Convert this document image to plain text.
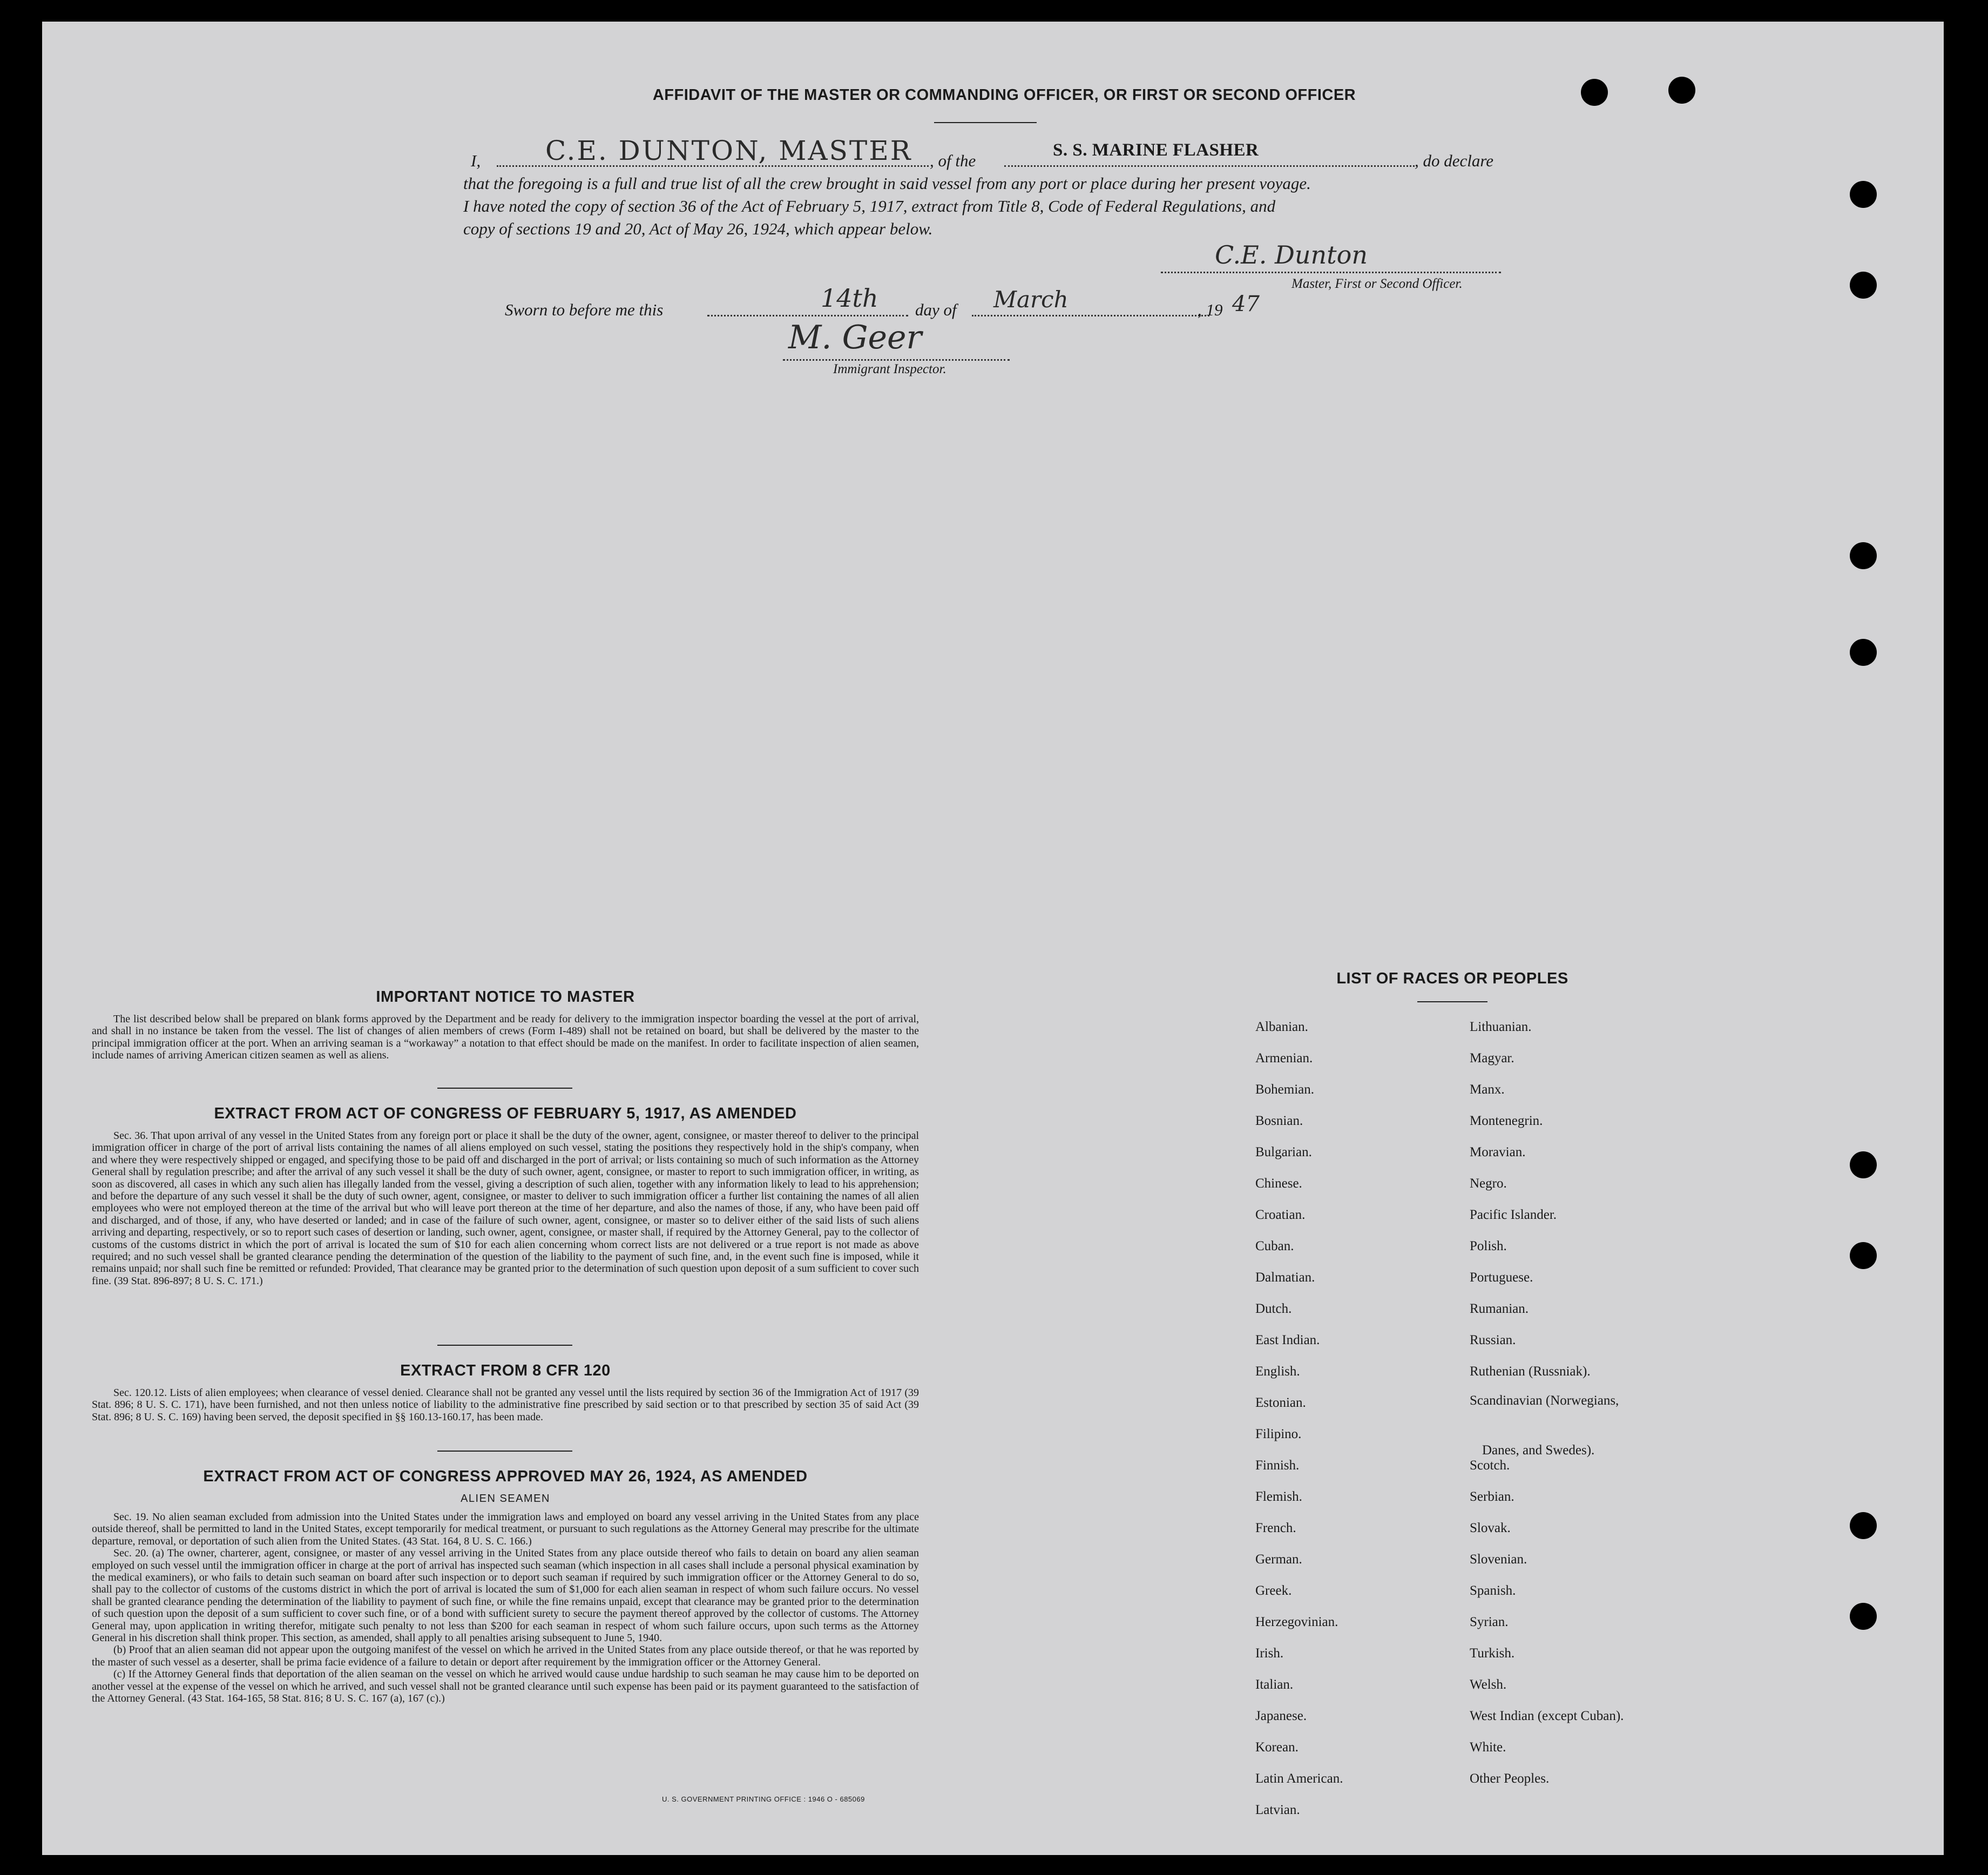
AFFIDAVIT OF THE MASTER OR COMMANDING OFFICER, OR FIRST OR SECOND OFFICER
I, C.E. DUNTON, MASTER , of the
S. S. MARINE FLASHER
, do declare
that the foregoing is a full and true list of all the crew brought in said vessel from any port or place during her present voyage.
I have noted the copy of section 36 of the Act of February 5, 1917, extract from Title 8, Code of Federal Regulations, and
copy of sections 19 and 20, Act of May 26, 1924, which appear below.
C.E. Dunton
Master, First or Second Officer.
Sworn to before me this	14th day of March	, 19 47
M. Geer
Immigrant Inspector.
IMPORTANT NOTICE TO MASTER

The list described below shall be prepared on blank forms approved by the Department and be ready for delivery to the immigration inspector boarding the vessel at the port of arrival, and shall in no instance be taken from the vessel. The list of changes of alien members of crews (Form I-489) shall not be retained on board, but shall be delivered by the master to the principal immigration officer at the port. When an arriving seaman is a “workaway” a notation to that effect should be made on the manifest. In order to facilitate inspection of alien seamen, include names of arriving American citizen seamen as well as aliens.

EXTRACT FROM ACT OF CONGRESS OF FEBRUARY 5, 1917, AS AMENDED

Sec. 36. That upon arrival of any vessel in the United States from any foreign port or place it shall be the duty of the owner, agent, consignee, or master thereof to deliver to the principal immigration officer in charge of the port of arrival lists containing the names of all aliens employed on such vessel, stating the positions they respectively hold in the ship's company, when and where they were respectively shipped or engaged, and specifying those to be paid off and discharged in the port of arrival; or lists containing so much of such information as the Attorney General shall by regulation prescribe; and after the arrival of any such vessel it shall be the duty of such owner, agent, consignee, or master to report to such immigration officer, in writing, as soon as discovered, all cases in which any such alien has illegally landed from the vessel, giving a description of such alien, together with any information likely to lead to his apprehension; and before the departure of any such vessel it shall be the duty of such owner, agent, consignee, or master to deliver to such immigration officer a further list containing the names of all alien employees who were not employed thereon at the time of the arrival but who will leave port thereon at the time of her departure, and also the names of those, if any, who have been paid off and discharged, and of those, if any, who have deserted or landed; and in case of the failure of such owner, agent, consignee, or master so to deliver either of the said lists of such aliens arriving and departing, respectively, or so to report such cases of desertion or landing, such owner, agent, consignee, or master shall, if required by the Attorney General, pay to the collector of customs of the customs district in which the port of arrival is located the sum of $10 for each alien concerning whom correct lists are not delivered or a true report is not made as above required; and no such vessel shall be granted clearance pending the determination of the question of the liability to the payment of such fine, and, in the event such fine is imposed, while it remains unpaid; nor shall such fine be remitted or refunded: Provided, That clearance may be granted prior to the determination of such question upon deposit of a sum sufficient to cover such fine. (39 Stat. 896-897; 8 U. S. C. 171.)

EXTRACT FROM 8 CFR 120

Sec. 120.12. Lists of alien employees; when clearance of vessel denied. Clearance shall not be granted any vessel until the lists required by section 36 of the Immigration Act of 1917 (39 Stat. 896; 8 U. S. C. 171), have been furnished, and not then unless notice of liability to the administrative fine prescribed by said section or to that prescribed by section 35 of said Act (39 Stat. 896; 8 U. S. C. 169) having been served, the deposit specified in §§ 160.13-160.17, has been made.

EXTRACT FROM ACT OF CONGRESS APPROVED MAY 26, 1924, AS AMENDED
ALIEN SEAMEN

Sec. 19. No alien seaman excluded from admission into the United States under the immigration laws and employed on board any vessel arriving in the United States from any place outside thereof, shall be permitted to land in the United States, except temporarily for medical treatment, or pursuant to such regulations as the Attorney General may prescribe for the ultimate departure, removal, or deportation of such alien from the United States. (43 Stat. 164, 8 U. S. C. 166.)

Sec. 20. (a) The owner, charterer, agent, consignee, or master of any vessel arriving in the United States from any place outside thereof who fails to detain on board any alien seaman employed on such vessel until the immigration officer in charge at the port of arrival has inspected such seaman (which inspection in all cases shall include a personal physical examination by the medical examiners), or who fails to detain such seaman on board after such inspection or to deport such seaman if required by such immigration officer or the Attorney General to do so, shall pay to the collector of customs of the customs district in which the port of arrival is located the sum of $1,000 for each alien seaman in respect of whom such failure occurs. No vessel shall be granted clearance pending the determination of the liability to payment of such fine, or while the fine remains unpaid, except that clearance may be granted prior to the determination of such question upon the deposit of a sum sufficient to cover such fine, or of a bond with sufficient surety to secure the payment thereof approved by the collector of customs. The Attorney General may, upon application in writing therefor, mitigate such penalty to not less than $200 for each seaman in respect of whom such failure occurs, upon such terms as the Attorney General in his discretion shall think proper. This section, as amended, shall apply to all penalties arising subsequent to June 5, 1940.

(b) Proof that an alien seaman did not appear upon the outgoing manifest of the vessel on which he arrived in the United States from any place outside thereof, or that he was reported by the master of such vessel as a deserter, shall be prima facie evidence of a failure to detain or deport after requirement by the immigration officer or the Attorney General.

(c) If the Attorney General finds that deportation of the alien seaman on the vessel on which he arrived would cause undue hardship to such seaman he may cause him to be deported on another vessel at the expense of the vessel on which he arrived, and such vessel shall not be granted clearance until such expense has been paid or its payment guaranteed to the satisfaction of the Attorney General. (43 Stat. 164-165, 58 Stat. 816; 8 U. S. C. 167 (a), 167 (c).)

U. S. GOVERNMENT PRINTING OFFICE : 1946 O - 685069
LIST OF RACES OR PEOPLES
Albanian.
Armenian.
Bohemian.
Bosnian.
Bulgarian.
Chinese.
Croatian.
Cuban.
Dalmatian.
Dutch.
East Indian.
English.
Estonian.
Filipino.
Finnish.
Flemish.
French.
German.
Greek.
Herzegovinian.
Irish.
Italian.
Japanese.
Korean.
Latin American.
Latvian.
Lithuanian.
Magyar.
Manx.
Montenegrin.
Moravian.
Negro.
Pacific Islander.
Polish.
Portuguese.
Rumanian.
Russian.
Ruthenian (Russniak).
Scandinavian (Norwegians,
Danes, and Swedes).
Scotch.
Serbian.
Slovak.
Slovenian.
Spanish.
Syrian.
Turkish.
Welsh.
West Indian (except Cuban).
White.
Other Peoples.
